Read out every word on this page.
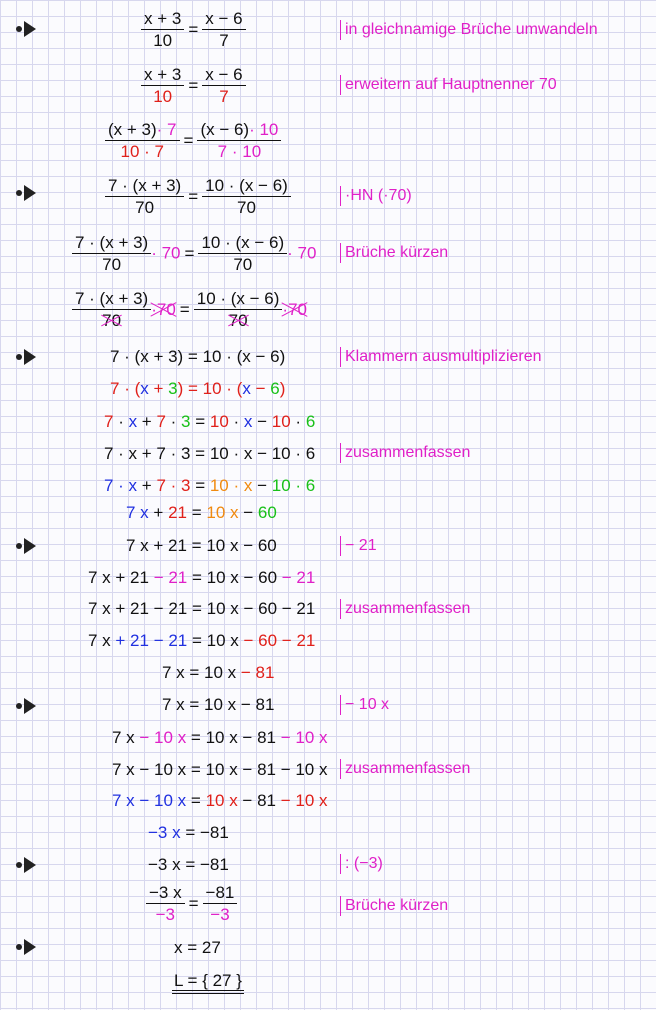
in gleichnamige Brüche umwandeln
erweitern auf Hauptnenner 70
·HN (·70)
Brüche kürzen
Klammern ausmultiplizieren
zusammenfassen
− 21
zusammenfassen
− 10 x
zusammenfassen
: (−3)
Brüche kürzen
$\frac{x + 3}{10} = \frac{x - 6}{7}$
$\frac{x + 3}{10} = \frac{x - 6}{7}$
$\frac{(x + 3)\cdot 7}{10 \cdot 7} = \frac{(x - 6)\cdot 10}{7 \cdot 10}$
$\frac{7 \cdot (x + 3)}{70} = \frac{10 \cdot (x - 6)}{70}$
$\frac{7 \cdot (x + 3)}{70} \cdot 70 = \frac{10 \cdot (x - 6)}{70} \cdot 70$
$\frac{7 \cdot (x + 3)}{70} \cdot 70 = \frac{10 \cdot (x - 6)}{70} \cdot 70$
7 · (x + 3) = 10 · (x − 6)
7 · (x + 3) = 10 · (x − 6)
7 · x + 7 · 3 = 10 · x − 10 · 6
7 · x + 7 · 3 = 10 · x − 10 · 6
7 · x + 7 · 3 = 10 · x − 10 · 6
7 x + 21 = 10 x − 60
7 x + 21 = 10 x − 60
7 x + 21 − 21 = 10 x − 60 − 21
7 x + 21 − 21 = 10 x − 60 − 21
7 x + 21 − 21 = 10 x − 60 − 21
7 x = 10 x − 81
7 x = 10 x − 81
7 x − 10 x = 10 x − 81 − 10 x
7 x − 10 x = 10 x − 81 − 10 x
7 x − 10 x = 10 x − 81 − 10 x
−3 x = −81
−3 x = −81
$\frac{-3 x}{-3} = \frac{-81}{-3}$
x = 27
L = { 27 }
